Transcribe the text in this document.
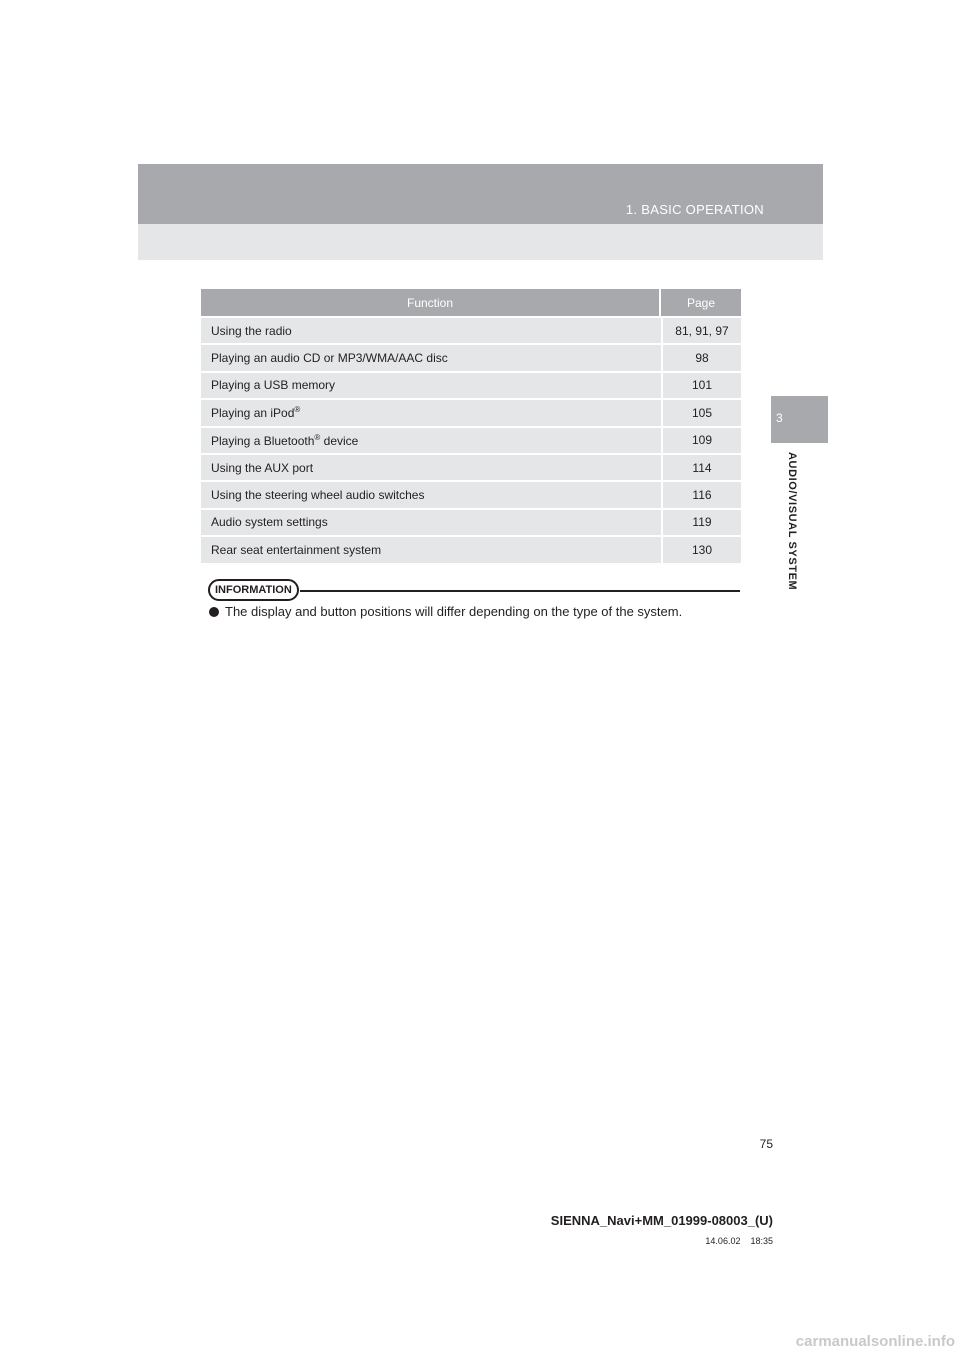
1. BASIC OPERATION
3
AUDIO/VISUAL SYSTEM
Function	Page
Using the radio	81, 91, 97
Playing an audio CD or MP3/WMA/AAC disc	98
Playing a USB memory	101
Playing an iPod®	105
Playing a Bluetooth® device	109
Using the AUX port	114
Using the steering wheel audio switches	116
Audio system settings	119
Rear seat entertainment system	130
INFORMATION
The display and button positions will differ depending on the type of the system.
75
SIENNA_Navi+MM_01999-08003_(U)
14.06.02 18:35
carmanualsonline.info
